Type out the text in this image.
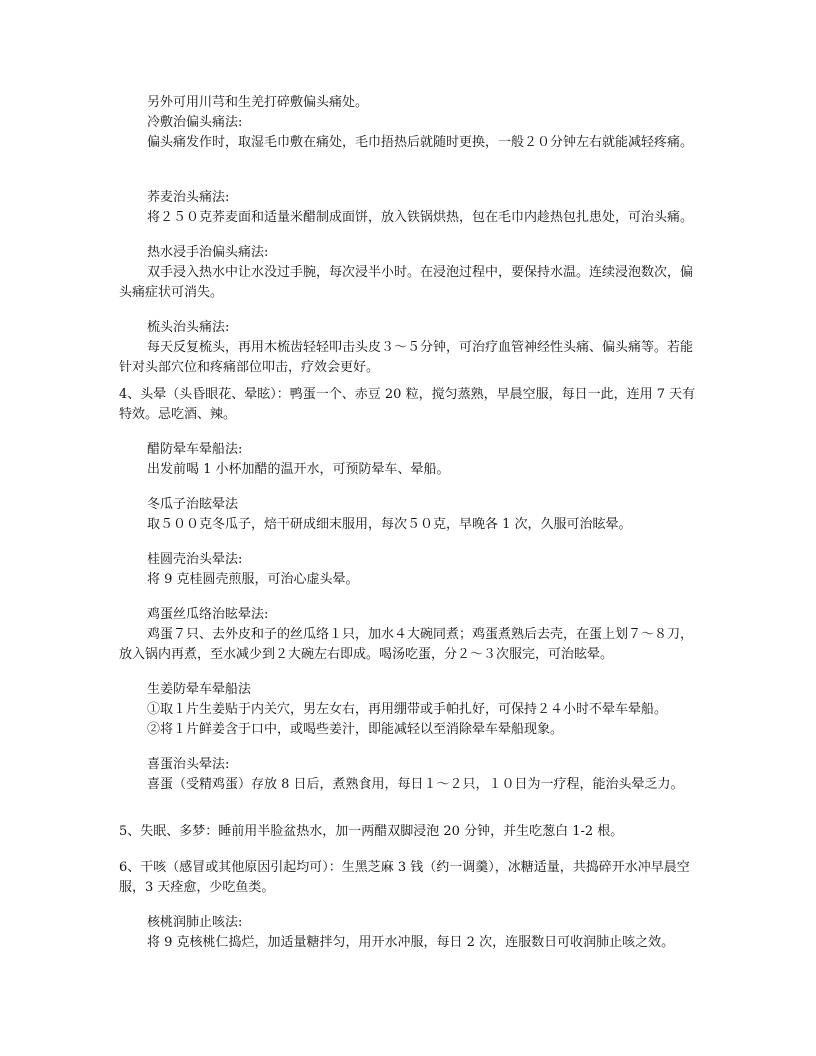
另外可用川芎和生羌打碎敷偏头痛处。

冷敷治偏头痛法:

偏头痛发作时，取湿毛巾敷在痛处，毛巾捂热后就随时更换，一般２０分钟左右就能减轻疼痛。

荞麦治头痛法:

将２５０克荞麦面和适量米醋制成面饼，放入铁锅烘热，包在毛巾内趁热包扎患处，可治头痛。

热水浸手治偏头痛法:

双手浸入热水中让水没过手腕，每次浸半小时。在浸泡过程中，要保持水温。连续浸泡数次，偏头痛症状可消失。

梳头治头痛法:

每天反复梳头，再用木梳齿轻轻叩击头皮３～５分钟，可治疗血管神经性头痛、偏头痛等。若能针对头部穴位和疼痛部位叩击，疗效会更好。

4、头晕（头昏眼花、晕眩）：鸭蛋一个、赤豆 20 粒，搅匀蒸熟，早晨空服，每日一此，连用 7 天有特效。忌吃酒、辣。

醋防晕车晕船法:

出发前喝 1 小杯加醋的温开水，可预防晕车、晕船。

冬瓜子治眩晕法

取５００克冬瓜子，焙干研成细末服用，每次５０克，早晚各 1 次，久服可治眩晕。

桂圆壳治头晕法:

将 9 克桂圆壳煎服，可治心虚头晕。

鸡蛋丝瓜络治眩晕法:

鸡蛋７只、去外皮和子的丝瓜络１只，加水４大碗同煮；鸡蛋煮熟后去壳，在蛋上划７～８刀，放入锅内再煮，至水减少到２大碗左右即成。喝汤吃蛋，分２～３次服完，可治眩晕。

生姜防晕车晕船法

①取１片生姜贴于内关穴，男左女右，再用绷带或手帕扎好，可保持２４小时不晕车晕船。

②将１片鲜姜含于口中，或喝些姜汁，即能减轻以至消除晕车晕船现象。

喜蛋治头晕法:

喜蛋（受精鸡蛋）存放 8 日后，煮熟食用，每日１～２只，１０日为一疗程，能治头晕乏力。

5、失眠、多梦：睡前用半脸盆热水，加一两醋双脚浸泡 20 分钟，并生吃葱白 1-2 根。

6、干咳（感冒或其他原因引起均可）：生黑芝麻 3 钱（约一调羹），冰糖适量，共捣碎开水冲早晨空服，3 天痊愈，少吃鱼类。

核桃润肺止咳法:

将 9 克核桃仁捣烂，加适量糖拌匀，用开水冲服，每日 2 次，连服数日可收润肺止咳之效。
